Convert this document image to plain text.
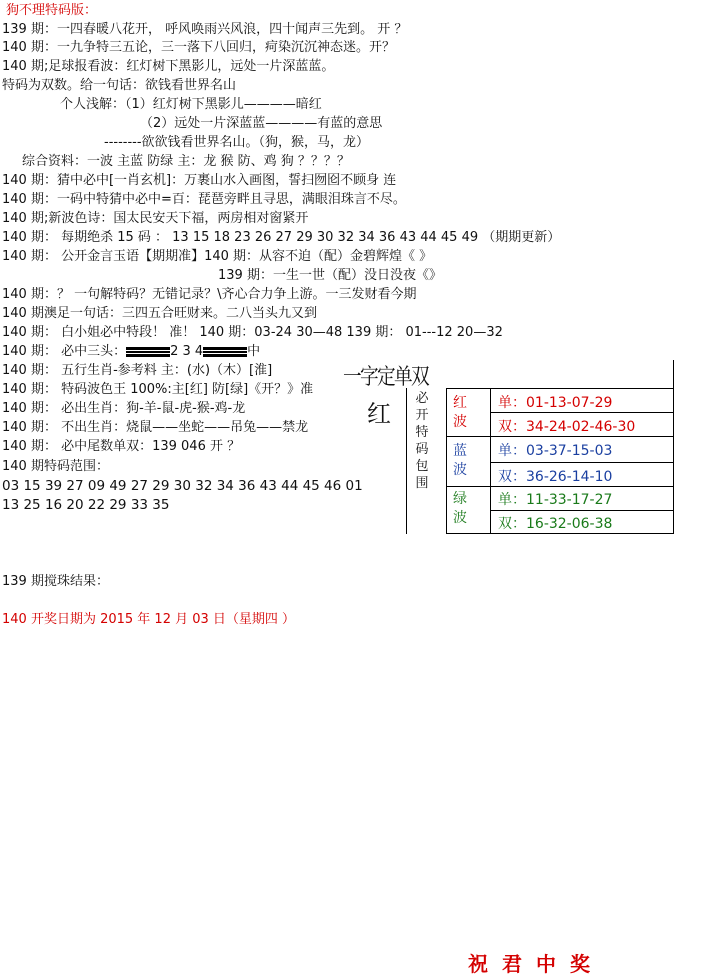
狗不理特码版：
139 期：一四春暖八花开， 呼风唤雨兴风浪，四十闻声三先到。 开 ？
140 期：一九争特三五论，三一落下八回归，疴染沉沉神态迷。开？
140 期;足球报看波：红灯树下黑影儿，远处一片深蓝蓝。
特码为双数。给一句话：欲钱看世界名山
个人浅解：（1）红灯树下黑影儿————暗红
（2）远处一片深蓝蓝————有蓝的意思
--------欲欲钱看世界名山。（狗，猴，马，龙）
综合资料：一波 主蓝 防绿 主：龙 猴 防、鸡 狗 ？？？？
140 期：猜中必中[一肖玄机]：万裹山水入画图，誓扫囫囵不顾身 连
140 期：一码中特猜中必中=百：琵琶旁畔且寻思，满眼泪珠言不尽。
140 期;新波色诗：国太民安天下福，两房相对窗紧开
140 期： 每期绝杀 15 码 ： 13 15 18 23 26 27 29 30 32 34 36 43 44 45 49 （期期更新）
140 期： 公开金言玉语【期期准】140 期：从容不迫（配）金碧辉煌《 》
139 期：一生一世（配）没日没夜《》
140 期：？ 一句解特码？无错记录？\齐心合力争上游。一三发财看今期
140 期澳足一句话：三四五合旺财来。二八当头九又到
140 期： 白小姐必中特段！ 准！ 140 期：03-24 30—48 139 期： 01---12 20—32
140 期： 必中三头：	2 3 4	中
140 期： 五行生肖-参考料 主：(水)（木）[淮]
140 期： 特码波色王 100%:主[红] 防[绿]《开？》准
140 期： 必出生肖：狗-羊-鼠-虎-猴-鸡-龙
140 期： 不出生肖：烧鼠——坐蛇——吊兔——禁龙
140 期： 必中尾数单双：139 046 开 ？
140 期特码范围：
03 15 39 27 09 49 27 29 30 32 34 36 43 44 45 46 01
13 25 16 20 22 29 33 35
一字定单双
红
必
开
特
码
包
围
红
波
单：01-13-07-29
双：34-24-02-46-30
蓝
波
单：03-37-15-03
双：36-26-14-10
绿
波
单：11-33-17-27
双：16-32-06-38
139 期搅珠结果：
140 开奖日期为 2015 年 12 月 03 日（星期四 ）
祝君中奖
